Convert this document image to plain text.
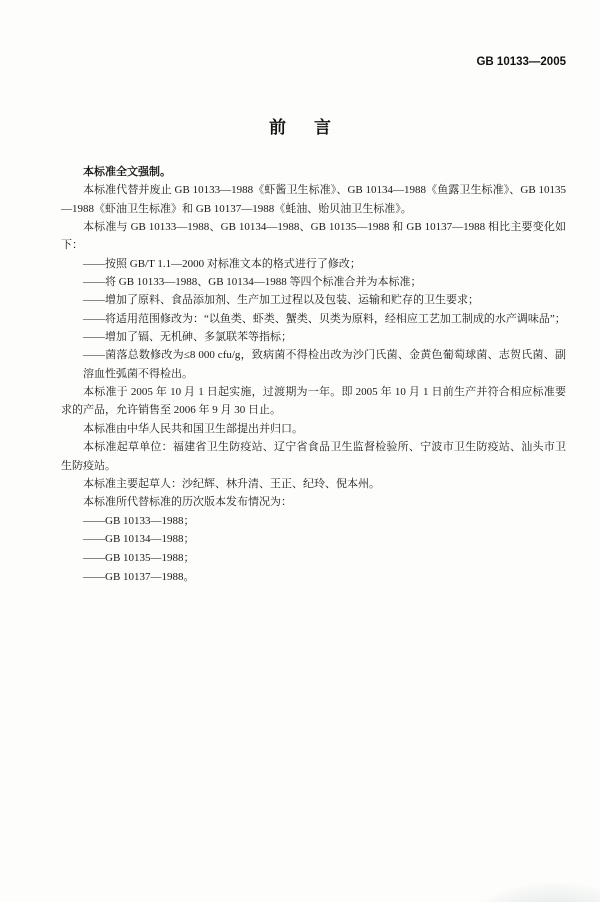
GB 10133—2005
前言

本标准全文强制。

本标准代替并废止 GB 10133—1988《虾酱卫生标准》、GB 10134—1988《鱼露卫生标准》、GB 10135—1988《虾油卫生标准》和 GB 10137—1988《蚝油、贻贝油卫生标准》。

本标准与 GB 10133—1988、GB 10134—1988、GB 10135—1988 和 GB 10137—1988 相比主要变化如下：

——按照 GB/T 1.1—2000 对标准文本的格式进行了修改；

——将 GB 10133—1988、GB 10134—1988 等四个标准合并为本标准；

——增加了原料、食品添加剂、生产加工过程以及包装、运输和贮存的卫生要求；

——将适用范围修改为：“以鱼类、虾类、蟹类、贝类为原料，经相应工艺加工制成的水产调味品”；

——增加了镉、无机砷、多氯联苯等指标；

——菌落总数修改为≤8 000 cfu/g，致病菌不得检出改为沙门氏菌、金黄色葡萄球菌、志贺氏菌、副溶血性弧菌不得检出。

本标准于 2005 年 10 月 1 日起实施，过渡期为一年。即 2005 年 10 月 1 日前生产并符合相应标准要求的产品，允许销售至 2006 年 9 月 30 日止。

本标准由中华人民共和国卫生部提出并归口。

本标准起草单位：福建省卫生防疫站、辽宁省食品卫生监督检验所、宁波市卫生防疫站、汕头市卫生防疫站。

本标准主要起草人：沙纪辉、林升清、王正、纪玲、倪本州。

本标准所代替标准的历次版本发布情况为：

——GB 10133—1988；

——GB 10134—1988；

——GB 10135—1988；

——GB 10137—1988。
